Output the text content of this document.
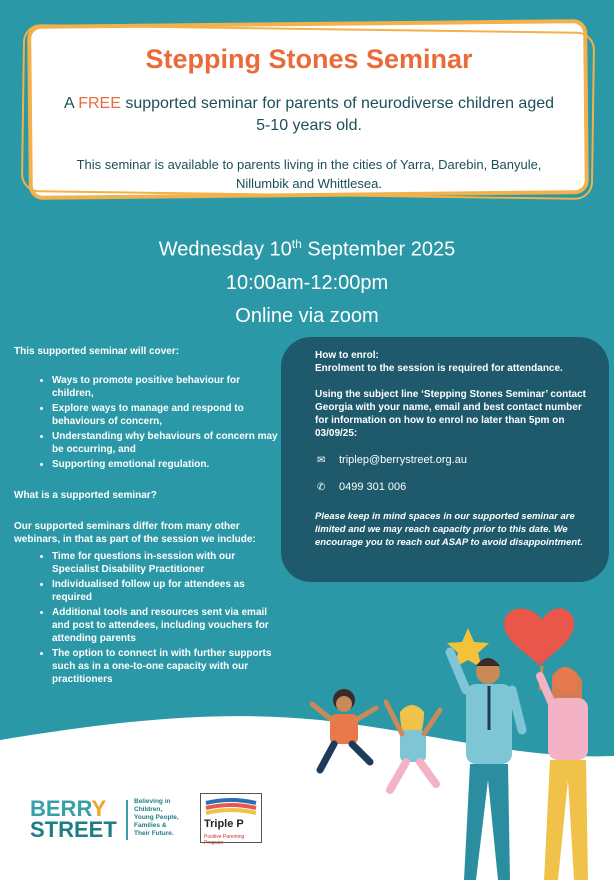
Stepping Stones Seminar

A FREE supported seminar for parents of neurodiverse children aged 5-10 years old.

This seminar is available to parents living in the cities of Yarra, Darebin, Banyule, Nillumbik and Whittlesea.

Wednesday 10th September 2025
10:00am-12:00pm
Online via zoom
This supported seminar will cover:
• Ways to promote positive behaviour for children,
• Explore ways to manage and respond to behaviours of concern,
• Understanding why behaviours of concern may be occurring, and
• Supporting emotional regulation.
What is a supported seminar?
Our supported seminars differ from many other webinars, in that as part of the session we include:
• Time for questions in-session with our Specialist Disability Practitioner
• Individualised follow up for attendees as required
• Additional tools and resources sent via email and post to attendees, including vouchers for attending parents
• The option to connect in with further supports such as in a one-to-one capacity with our practitioners
How to enrol:
Enrolment to the session is required for attendance.
Using the subject line ‘Stepping Stones Seminar’ contact Georgia with your name, email and best contact number for information on how to enrol no later than 5pm on 03/09/25:
✉	triplep@berrystreet.org.au
✆	0499 301 006
Please keep in mind spaces in our supported seminar are limited and we may reach capacity prior to this date. We encourage you to reach out ASAP to avoid disappointment.
BERRY
STREET
Believing in
Children,
Young People,
Families &
Their Future.
Triple P
Positive Parenting Program
